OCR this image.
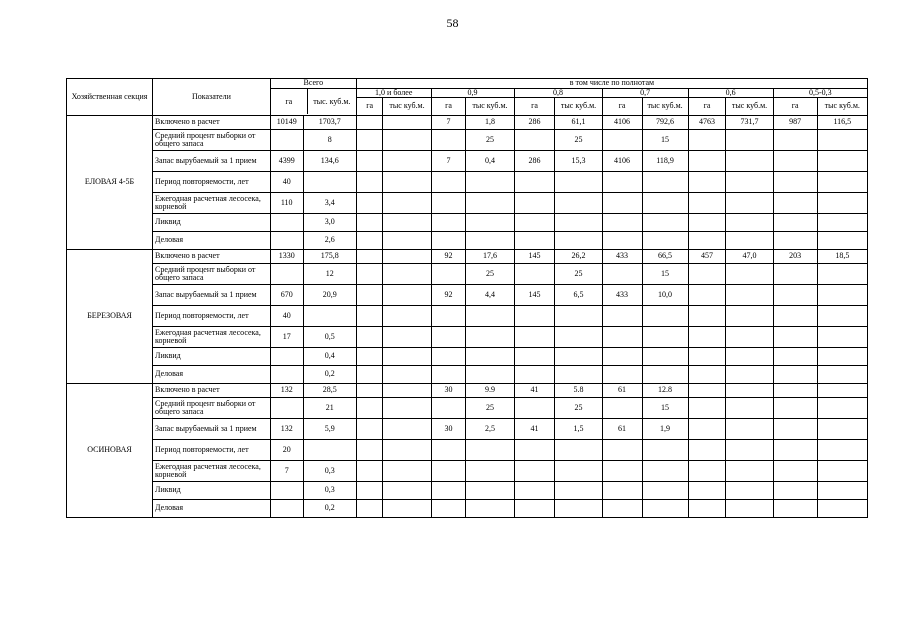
58
Хозяйственная секция	Показатели	Всего	в том числе по полнотам

га	тыс. куб.м.
	1,0 и более	0,9	0,8	0,7	0,6	0,5-0,3
га	тыс куб.м.	га	тыс куб.м.	га	тыс куб.м.	га	тыс куб.м.	га	тыс куб.м.	га	тыс куб.м.
ЕЛОВАЯ 4-5Б	Включено в расчет	10149	1703,7			7	1,8	286	61,1	4106	792,6	4763	731,7	987	116,5
Средний процент выборки от общего запаса		8				25		25		15				
Запас вырубаемый за 1 прием	4399	134,6			7	0,4	286	15,3	4106	118,9				
Период повторяемости, лет	40													
Ежегодная расчетная лесосека, корневой	110	3,4												
Ликвид		3,0												
Деловая		2,6												
БЕРЕЗОВАЯ	Включено в расчет	1330	175,8			92	17,6	145	26,2	433	66,5	457	47,0	203	18,5
Средний процент выборки от общего запаса		12				25		25		15				
Запас вырубаемый за 1 прием	670	20,9			92	4,4	145	6,5	433	10,0				
Период повторяемости, лет	40													
Ежегодная расчетная лесосека, корневой	17	0,5												
Ликвид		0,4												
Деловая		0,2												
ОСИНОВАЯ	Включено в расчет	132	28,5			30	9.9	41	5.8	61	12.8				
Средний процент выборки от общего запаса		21				25		25		15				
Запас вырубаемый за 1 прием	132	5,9			30	2,5	41	1,5	61	1,9				
Период повторяемости, лет	20													
Ежегодная расчетная лесосека, корневой	7	0,3												
Ликвид		0,3												
Деловая		0,2												
